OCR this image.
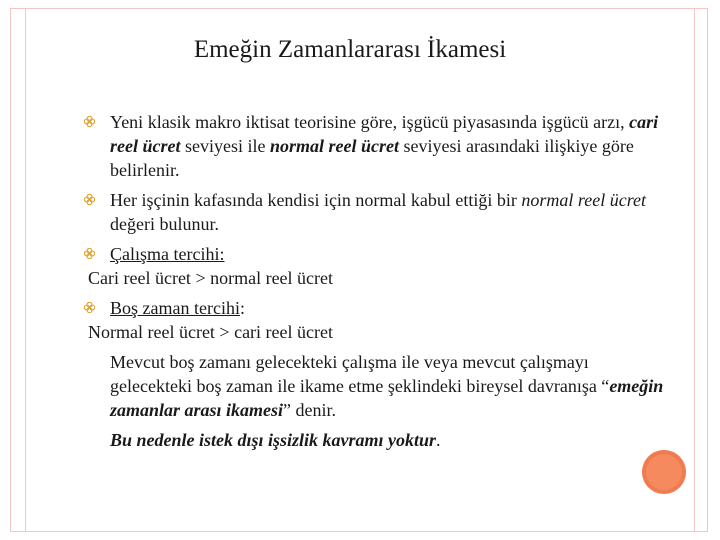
Emeğin Zamanlararası İkamesi

Yeni klasik makro iktisat teorisine göre, işgücü piyasasında işgücü arzı, cari reel ücret seviyesi ile normal reel ücret seviyesi arasındaki ilişkiye göre belirlenir.

Her işçinin kafasında kendisi için normal kabul ettiği bir normal reel ücret değeri bulunur.

Çalışma tercihi:

Cari reel ücret > normal reel ücret

Boş zaman tercihi:

Normal reel ücret > cari reel ücret

Mevcut boş zamanı gelecekteki çalışma ile veya mevcut çalışmayı gelecekteki boş zaman ile ikame etme şeklindeki bireysel davranışa “emeğin zamanlar arası ikamesi” denir.

Bu nedenle istek dışı işsizlik kavramı yoktur.
